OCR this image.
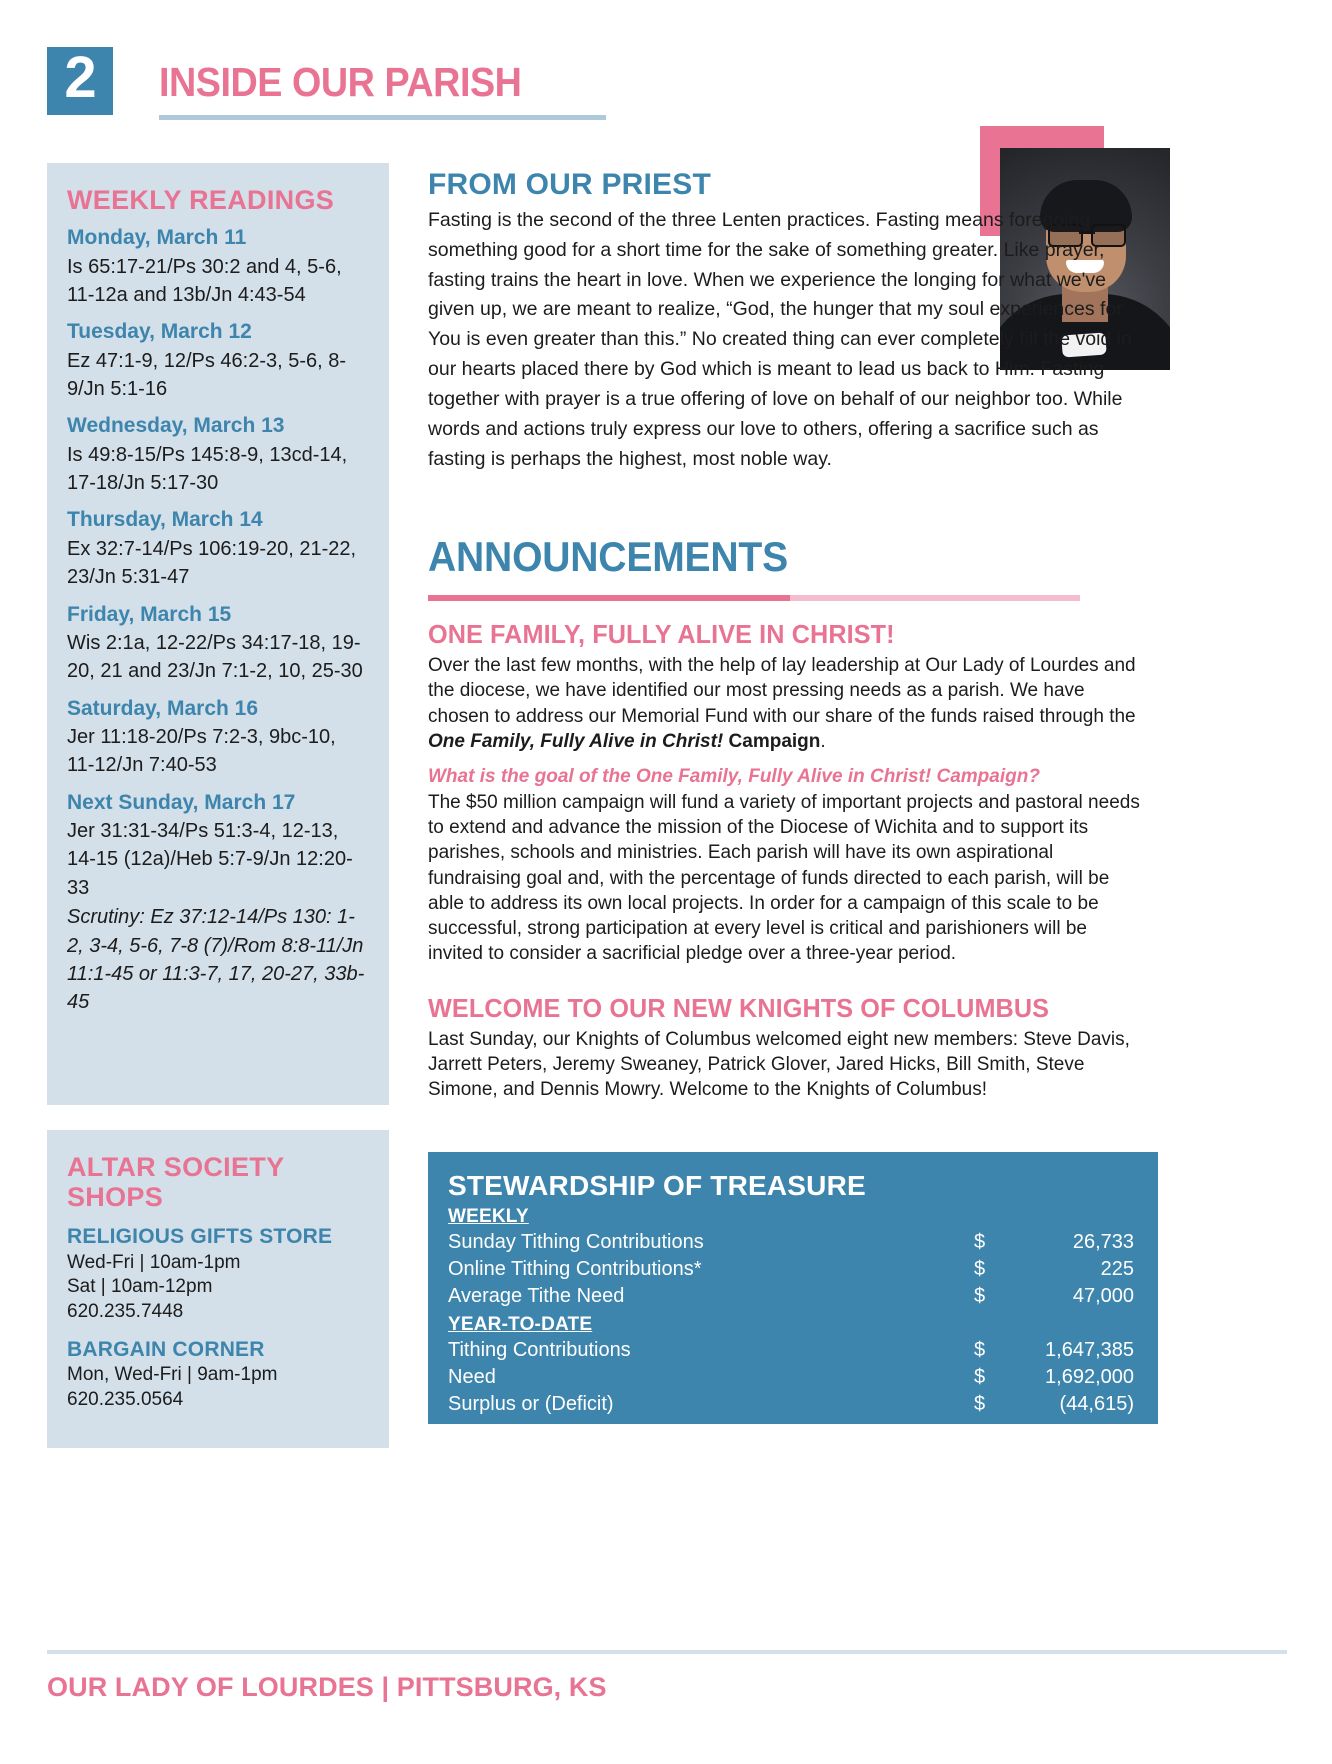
2	INSIDE OUR PARISH
WEEKLY READINGS
Monday, March 11
Is 65:17-21/Ps 30:2 and 4, 5-6, 11-12a and 13b/Jn 4:43-54
Tuesday, March 12
Ez 47:1-9, 12/Ps 46:2-3, 5-6, 8-9/Jn 5:1-16
Wednesday, March 13
Is 49:8-15/Ps 145:8-9, 13cd-14, 17-18/Jn 5:17-30
Thursday, March 14
Ex 32:7-14/Ps 106:19-20, 21-22, 23/Jn 5:31-47
Friday, March 15
Wis 2:1a, 12-22/Ps 34:17-18, 19-20, 21 and 23/Jn 7:1-2, 10, 25-30
Saturday, March 16
Jer 11:18-20/Ps 7:2-3, 9bc-10, 11-12/Jn 7:40-53
Next Sunday, March 17
Jer 31:31-34/Ps 51:3-4, 12-13, 14-15 (12a)/Heb 5:7-9/Jn 12:20-33
Scrutiny: Ez 37:12-14/Ps 130: 1-2, 3-4, 5-6, 7-8 (7)/Rom 8:8-11/Jn 11:1-45 or 11:3-7, 17, 20-27, 33b-45
ALTAR SOCIETY SHOPS
RELIGIOUS GIFTS STORE
Wed-Fri | 10am-1pm
Sat | 10am-12pm
620.235.7448
BARGAIN CORNER
Mon, Wed-Fri | 9am-1pm
620.235.0564
FROM OUR PRIEST

Fasting is the second of the three Lenten practices. Fasting means foregoing something good for a short time for the sake of something greater. Like prayer, fasting trains the heart in love. When we experience the longing for what we've given up, we are meant to realize, “God, the hunger that my soul experiences for You is even greater than this.” No created thing can ever completely fill the void in our hearts placed there by God which is meant to lead us back to Him. Fasting together with prayer is a true offering of love on behalf of our neighbor too. While words and actions truly express our love to others, offering a sacrifice such as fasting is perhaps the highest, most noble way.

ANNOUNCEMENTS
ONE FAMILY, FULLY ALIVE IN CHRIST!

Over the last few months, with the help of lay leadership at Our Lady of Lourdes and the diocese, we have identified our most pressing needs as a parish. We have chosen to address our Memorial Fund with our share of the funds raised through the One Family, Fully Alive in Christ! Campaign.

What is the goal of the One Family, Fully Alive in Christ! Campaign?

The $50 million campaign will fund a variety of important projects and pastoral needs to extend and advance the mission of the Diocese of Wichita and to support its parishes, schools and ministries. Each parish will have its own aspirational fundraising goal and, with the percentage of funds directed to each parish, will be able to address its own local projects. In order for a campaign of this scale to be successful, strong participation at every level is critical and parishioners will be invited to consider a sacrificial pledge over a three-year period.

WELCOME TO OUR NEW KNIGHTS OF COLUMBUS

Last Sunday, our Knights of Columbus welcomed eight new members: Steve Davis, Jarrett Peters, Jeremy Sweaney, Patrick Glover, Jared Hicks, Bill Smith, Steve Simone, and Dennis Mowry. Welcome to the Knights of Columbus!

STEWARDSHIP OF TREASURE
WEEKLY
Sunday Tithing Contributions	$	26,733
Online Tithing Contributions*	$	225
Average Tithe Need	$	47,000
YEAR-TO-DATE
Tithing Contributions	$	1,647,385
Need	$	1,692,000
Surplus or (Deficit)	$	(44,615)
* online collection is received on the 11th and 20th of each month.
OUR LADY OF LOURDES | PITTSBURG, KS
